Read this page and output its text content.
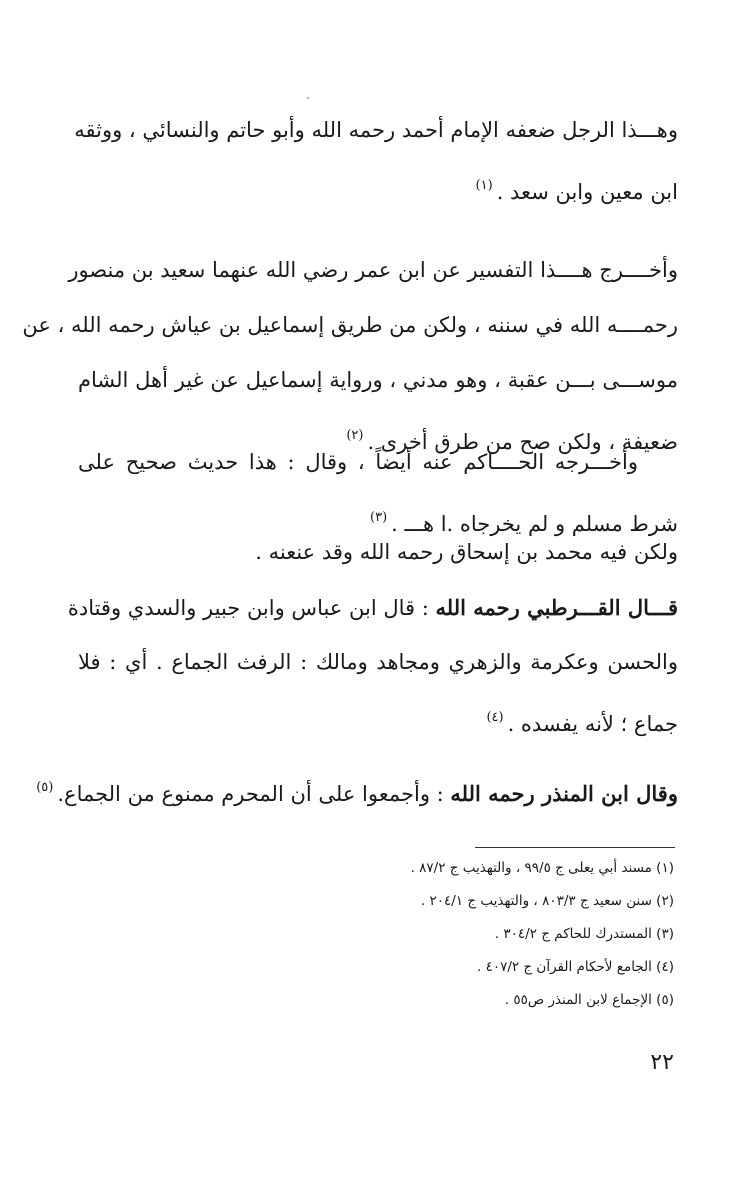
وهـــذا الرجل ضعفه الإمام أحمد رحمه الله وأبو حاتم والنسائي ، ووثقه
ابن معين وابن سعد .$^{(١)}$
وأخــــرج هــــذا التفسير عن ابن عمر رضي الله عنهما سعيد بن منصور
رحمــــه الله في سننه ، ولكن من طريق إسماعيل بن عياش رحمه الله ، عن
موســـى بـــن عقبة ، وهو مدني ، ورواية إسماعيل عن غير أهل الشام
ضعيفة ، ولكن صح من طرق أخرى .$^{(٢)}$
وأخـــرجه الحــــاكم عنه أيضاً ، وقال : هذا حديث صحيح على
شرط مسلم و لم يخرجاه .ا هـــ .$^{(٣)}$
ولكن فيه محمد بن إسحاق رحمه الله وقد عنعنه .
قـــال القـــرطبي رحمه الله : قال ابن عباس وابن جبير والسدي وقتادة
والحسن وعكرمة والزهري ومجاهد ومالك : الرفث الجماع . أي : فلا
جماع ؛ لأنه يفسده .$^{(٤)}$
وقال ابن المنذر رحمه الله : وأجمعوا على أن المحرم ممنوع من الجماع.$^{(٥)}$
(١) مسند أبي يعلى ج ٩٩/٥ ، والتهذيب ج ٨٧/٢ .
(٢) سنن سعيد ج ٨٠٣/٣ ، والتهذيب ج ٢٠٤/١ .
(٣) المستدرك للحاكم ج ٣٠٤/٢ .
(٤) الجامع لأحكام القرآن ج ٤٠٧/٢ .
(٥) الإجماع لابن المنذر ص٥٥ .
٢٢
